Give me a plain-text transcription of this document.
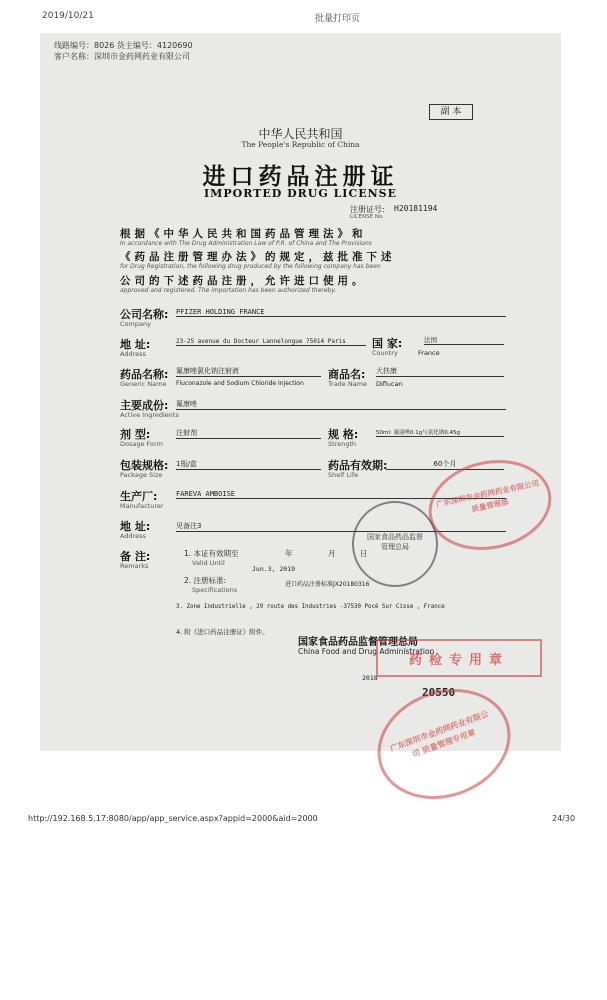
2019/10/21	批量打印页
线路编号：8026 货主编号：4120690
客户名称：深圳市金药网药业有限公司
副 本
中华人民共和国
The People's Republic of China
进口药品注册证
IMPORTED DRUG LICENSE
注册证号: H20181194
LICENSE No.
根据《中华人民共和国药品管理法》和
In accordance with The Drug Administration Law of P.R. of China and The Provisions
《药品注册管理办法》的规定，兹批准下述
for Drug Registration, the following drug produced by the following company has been
公司的下述药品注册，允许进口使用。
approved and registered. The importation has been authorized thereby.
公司名称:
Company
PFIZER HOLDING FRANCE
地 址:
Address
23-25 avenue du Docteur Lannelongue 75014 Paris	国 家:
Country
法国
France
药品名称:
Generic Name
氟康唑氯化钠注射液
Fluconazole and Sodium Chloride Injection
商品名:
Trade Name
大扶康
Diflucan
主要成份:
Active Ingredients
氟康唑
剂 型:
Dosage Form
注射剂	规 格:
Strength
50ml: 氟康唑0.1g与氯化钠0.45g
包装规格:
Package Size
1瓶/盒	药品有效期:
Shelf Life
60个月
生产厂:
Manufacturer
FAREVA AMBOISE
地 址:
Address
见备注3
备 注:
Remarks
1. 本证有效期至
Valid Until
年	月	日
Jun.3, 2019
2. 注册标准:
Specifications
进口药品注册标准JX20180316
3. Zone Industrielle , 29 route des Industries -37530 Pocé Sur Cisse , France
4. 附《进口药品注册证》附件。
国家食品药品监督管理总局
China Food and Drug Administration
2018
20550
广东深圳市金药网药业有限公司 质量管理部
国家食品药品监督管理总局
药检专用章
广东深圳市金药网药业有限公司 质量管理专用章
http://192.168.5.17:8080/app/app_service.aspx?appid=2000&aid=2000	24/30
